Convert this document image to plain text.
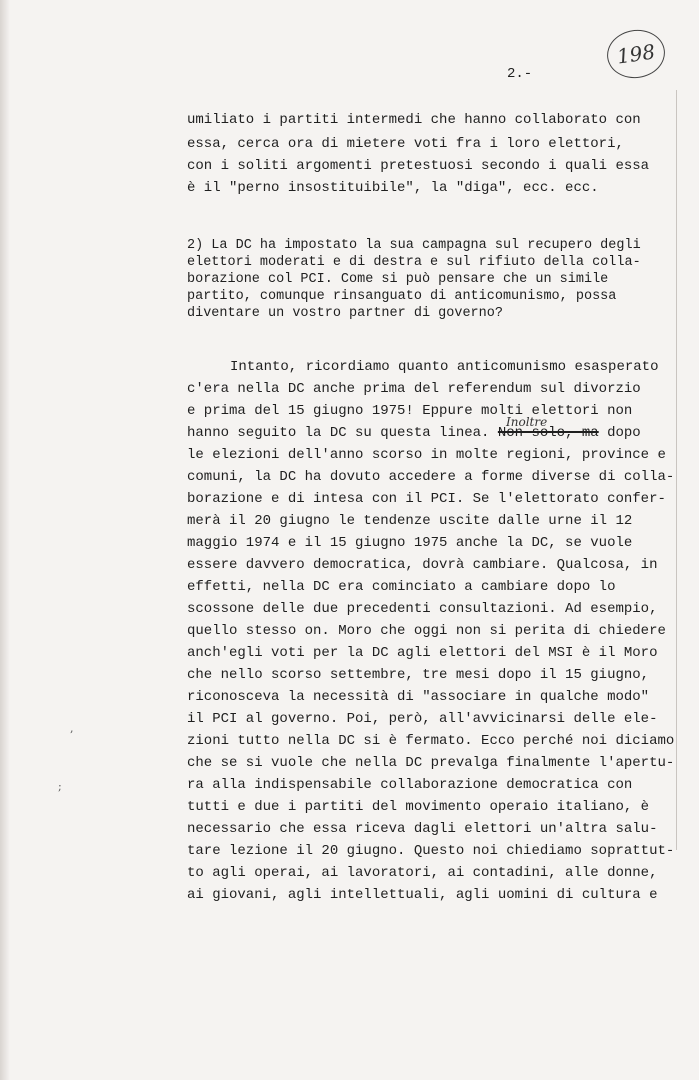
198
2.-
umiliato i partiti intermedi che hanno collaborato con
essa, cerca ora di mietere voti fra i loro elettori,
con i soliti argomenti pretestuosi secondo i quali essa
è il "perno insostituibile", la "diga", ecc. ecc.
2) La DC ha impostato la sua campagna sul recupero degli
elettori moderati e di destra e sul rifiuto della colla-
borazione col PCI. Come si può pensare che un simile
partito, comunque rinsanguato di anticomunismo, possa
diventare un vostro partner di governo?
Intanto, ricordiamo quanto anticomunismo esasperato
c'era nella DC anche prima del referendum sul divorzio
e prima del 15 giugno 1975! Eppure molti elettori non
Inoltre
hanno seguito la DC su questa linea. Non solo, ma dopo
le elezioni dell'anno scorso in molte regioni, province e
comuni, la DC ha dovuto accedere a forme diverse di colla-
borazione e di intesa con il PCI. Se l'elettorato confer-
merà il 20 giugno le tendenze uscite dalle urne il 12
maggio 1974 e il 15 giugno 1975 anche la DC, se vuole
essere davvero democratica, dovrà cambiare. Qualcosa, in
effetti, nella DC era cominciato a cambiare dopo lo
scossone delle due precedenti consultazioni. Ad esempio,
quello stesso on. Moro che oggi non si perita di chiedere
anch'egli voti per la DC agli elettori del MSI è il Moro
che nello scorso settembre, tre mesi dopo il 15 giugno,
riconosceva la necessità di "associare in qualche modo"
il PCI al governo. Poi, però, all'avvicinarsi delle ele-
zioni tutto nella DC si è fermato. Ecco perché noi diciamo
che se si vuole che nella DC prevalga finalmente l'apertu-
ra alla indispensabile collaborazione democratica con
tutti e due i partiti del movimento operaio italiano, è
necessario che essa riceva dagli elettori un'altra salu-
tare lezione il 20 giugno. Questo noi chiediamo soprattut-
to agli operai, ai lavoratori, ai contadini, alle donne,
ai giovani, agli intellettuali, agli uomini di cultura e
,
;
